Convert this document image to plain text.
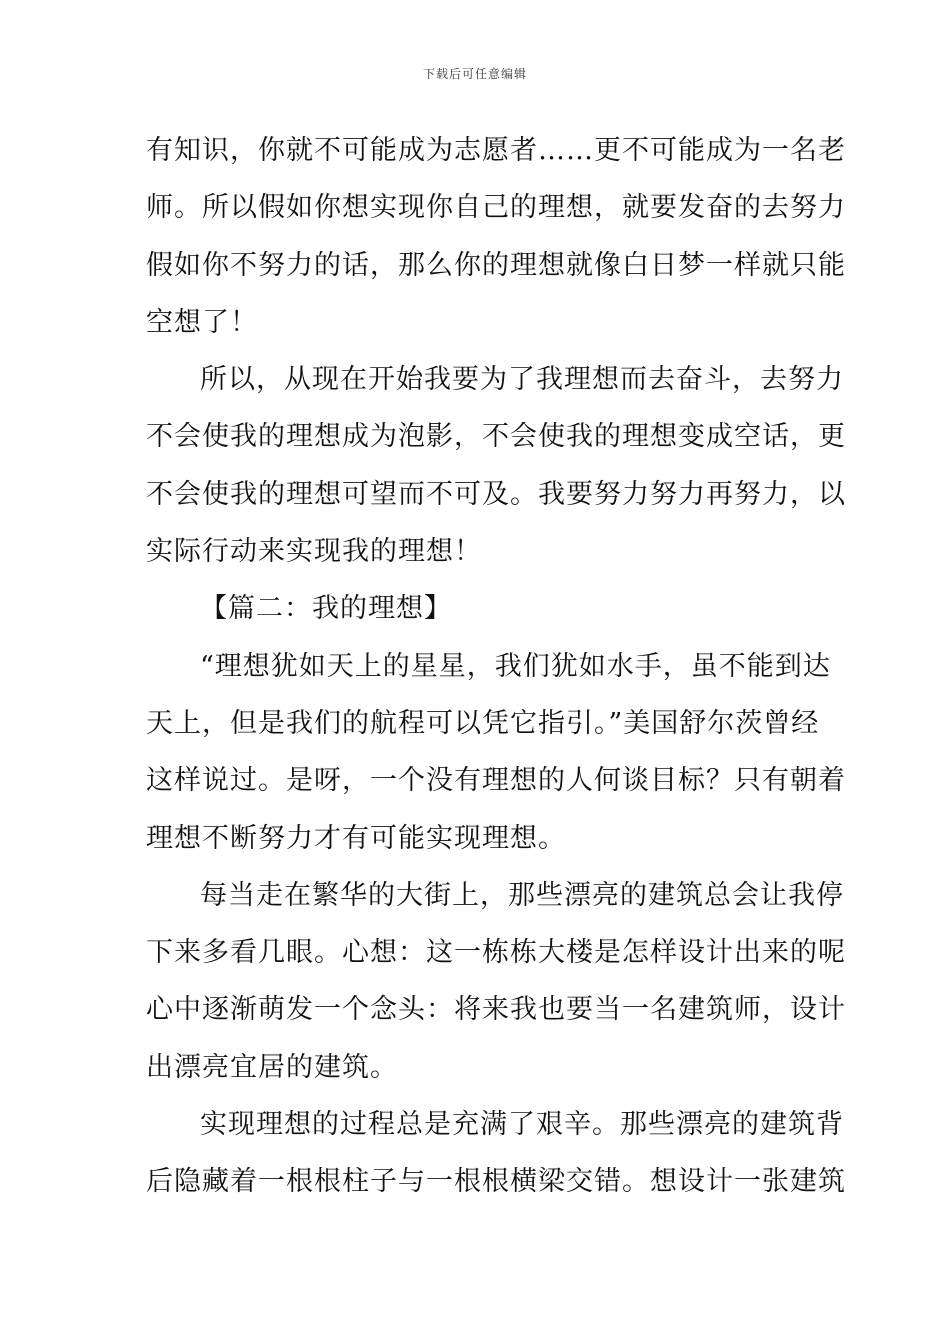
下载后可任意编辑
有知识，你就不可能成为志愿者……更不可能成为一名老
师。所以假如你想实现你自己的理想，就要发奋的去努力
假如你不努力的话，那么你的理想就像白日梦一样就只能
空想了！
所以，从现在开始我要为了我理想而去奋斗，去努力
不会使我的理想成为泡影，不会使我的理想变成空话，更
不会使我的理想可望而不可及。我要努力努力再努力，以
实际行动来实现我的理想！
【篇二：我的理想】
“理想犹如天上的星星，我们犹如水手，虽不能到达
天上，但是我们的航程可以凭它指引。”美国舒尔茨曾经
这样说过。是呀，一个没有理想的人何谈目标？只有朝着
理想不断努力才有可能实现理想。
每当走在繁华的大街上，那些漂亮的建筑总会让我停
下来多看几眼。心想：这一栋栋大楼是怎样设计出来的呢
心中逐渐萌发一个念头：将来我也要当一名建筑师，设计
出漂亮宜居的建筑。
实现理想的过程总是充满了艰辛。那些漂亮的建筑背
后隐藏着一根根柱子与一根根横梁交错。想设计一张建筑
